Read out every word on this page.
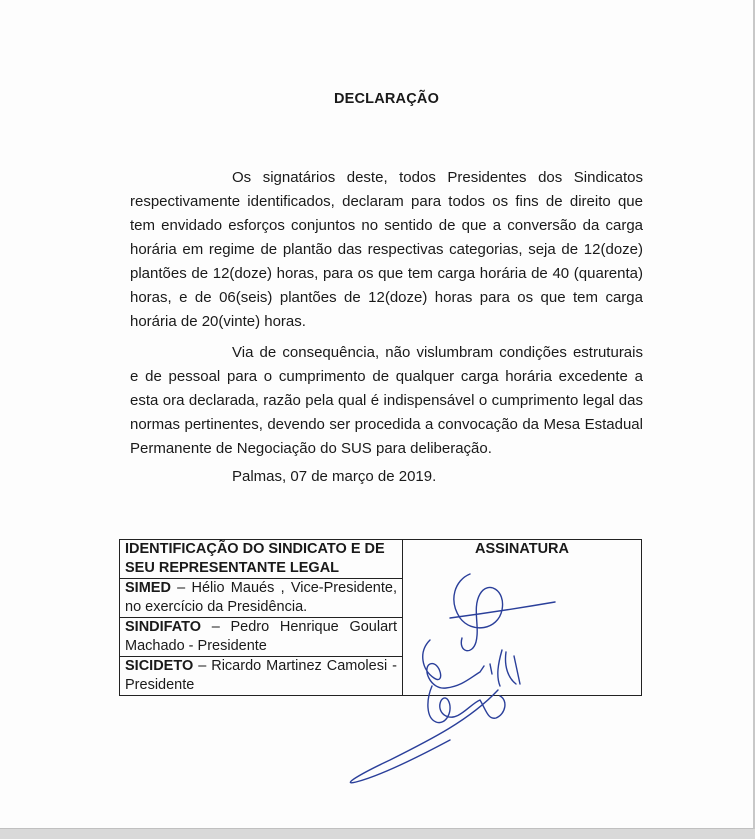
DECLARAÇÃO

Os signatários deste, todos Presidentes dos Sindicatos respectivamente identificados, declaram para todos os fins de direito que tem envidado esforços conjuntos no sentido de que a conversão da carga horária em regime de plantão das respectivas categorias, seja de 12(doze) plantões de 12(doze) horas, para os que tem carga horária de 40 (quarenta) horas, e de 06(seis) plantões de 12(doze) horas para os que tem carga horária de 20(vinte) horas.

Via de consequência, não vislumbram condições estruturais e de pessoal para o cumprimento de qualquer carga horária excedente a esta ora declarada, razão pela qual é indispensável o cumprimento legal das normas pertinentes, devendo ser procedida a convocação da Mesa Estadual Permanente de Negociação do SUS para deliberação.

Palmas, 07 de março de 2019.
IDENTIFICAÇÃO DO SINDICATO E DE SEU REPRESENTANTE LEGAL	ASSINATURA
SIMED – Hélio Maués , Vice-Presidente, no exercício da Presidência.	
SINDIFATO – Pedro Henrique Goulart Machado - Presidente	
SICIDETO – Ricardo Martinez Camolesi - Presidente	
